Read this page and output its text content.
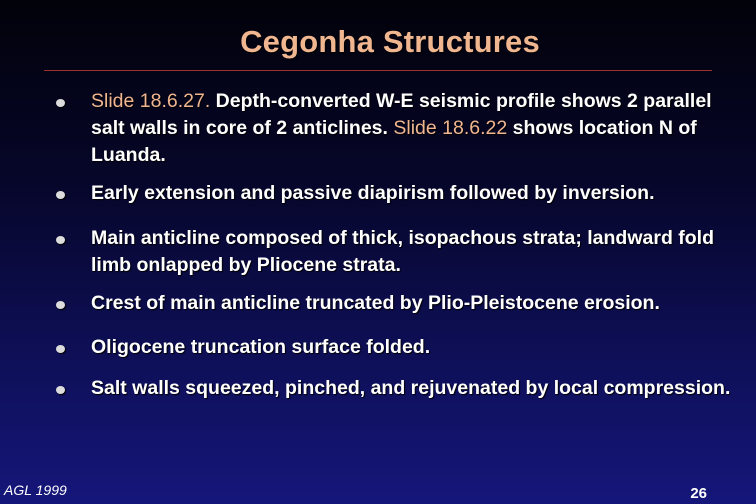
Cegonha Structures
Slide 18.6.27. Depth-converted W-E seismic profile shows 2 parallel salt walls in core of 2 anticlines. Slide 18.6.22 shows location N of Luanda.
Early extension and passive diapirism followed by inversion.
Main anticline composed of thick, isopachous strata; landward fold limb onlapped by Pliocene strata.
Crest of main anticline truncated by Plio-Pleistocene erosion.
Oligocene truncation surface folded.
Salt walls squeezed, pinched, and rejuvenated by local compression.
AGL 1999	26
